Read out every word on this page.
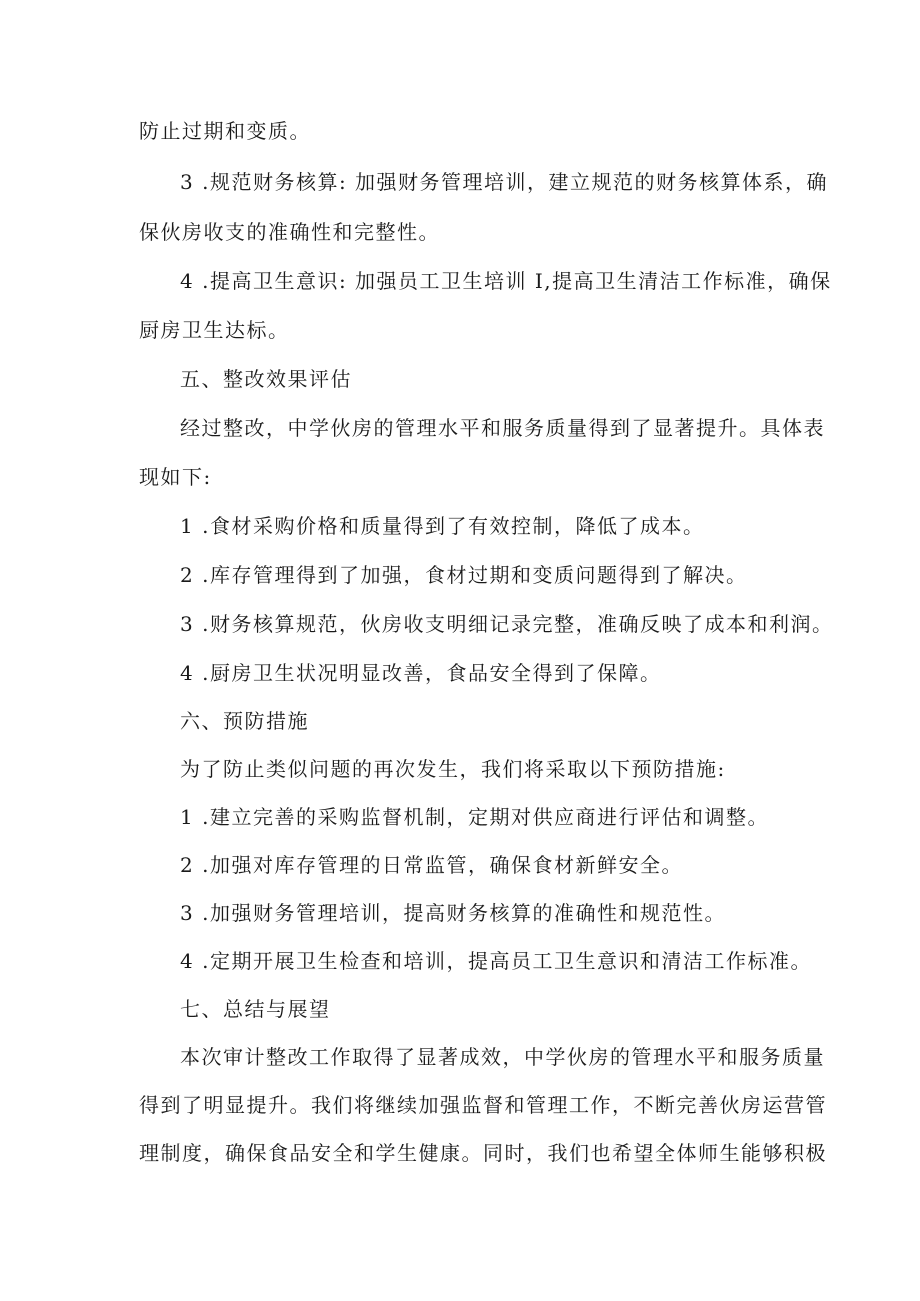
防止过期和变质。
3 .规范财务核算: 加强财务管理培训，建立规范的财务核算体系，确
保伙房收支的准确性和完整性。
4 .提高卫生意识: 加强员工卫生培训 I,提高卫生清洁工作标准，确保
厨房卫生达标。
五、整改效果评估
经过整改，中学伙房的管理水平和服务质量得到了显著提升。具体表
现如下:
1 .食材采购价格和质量得到了有效控制，降低了成本。
2 .库存管理得到了加强，食材过期和变质问题得到了解决。
3 .财务核算规范，伙房收支明细记录完整，准确反映了成本和利润。
4 .厨房卫生状况明显改善，食品安全得到了保障。
六、预防措施
为了防止类似问题的再次发生，我们将采取以下预防措施:
1 .建立完善的采购监督机制，定期对供应商进行评估和调整。
2 .加强对库存管理的日常监管，确保食材新鲜安全。
3 .加强财务管理培训，提高财务核算的准确性和规范性。
4 .定期开展卫生检查和培训，提高员工卫生意识和清洁工作标准。
七、总结与展望
本次审计整改工作取得了显著成效，中学伙房的管理水平和服务质量
得到了明显提升。我们将继续加强监督和管理工作，不断完善伙房运营管
理制度，确保食品安全和学生健康。同时，我们也希望全体师生能够积极
